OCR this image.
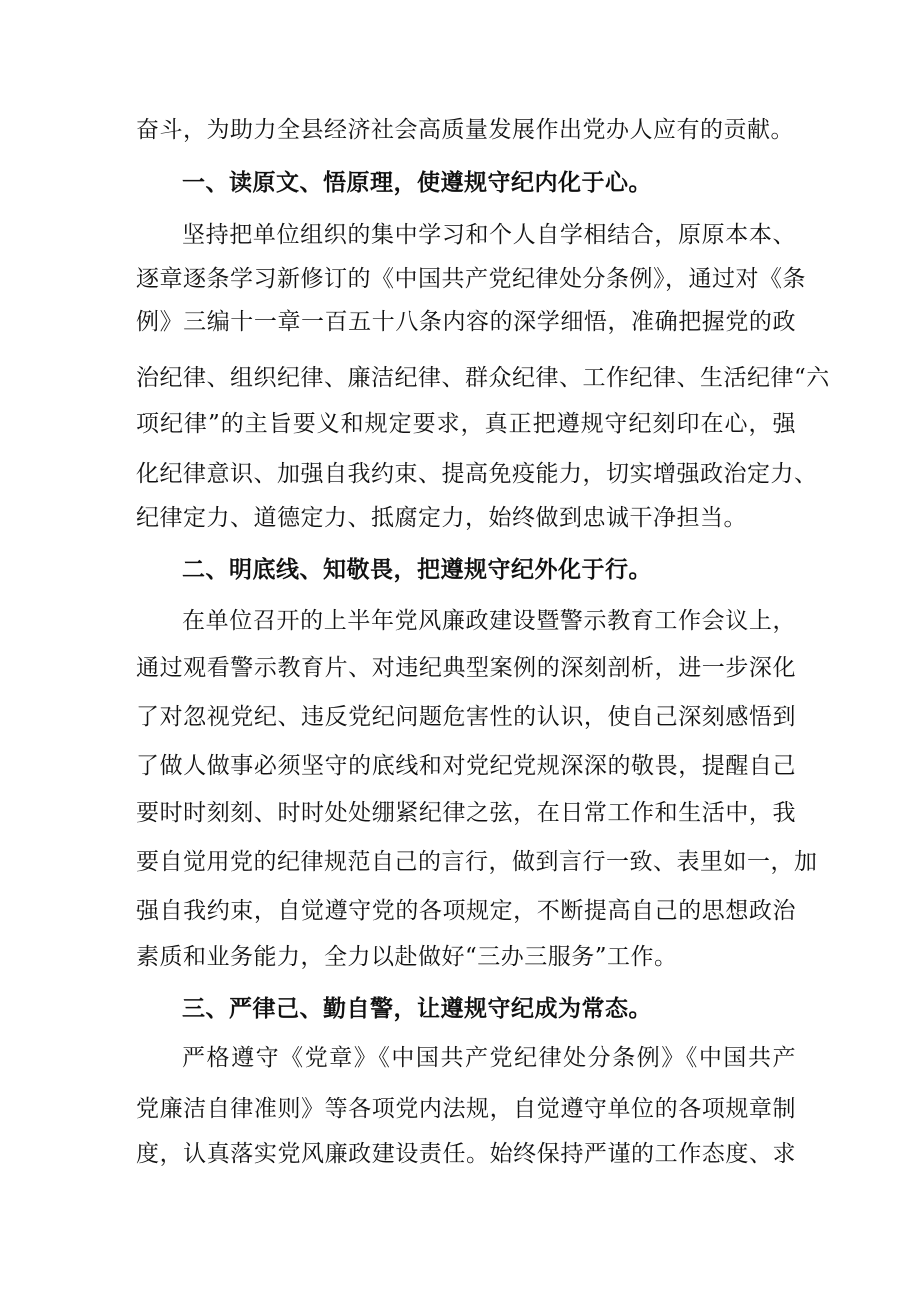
奋斗，为助力全县经济社会高质量发展作出党办人应有的贡献。
一、读原文、悟原理，使遵规守纪内化于心。
坚持把单位组织的集中学习和个人自学相结合，原原本本、
逐章逐条学习新修订的《中国共产党纪律处分条例》，通过对《条
例》三编十一章一百五十八条内容的深学细悟，准确把握党的政
治纪律、组织纪律、廉洁纪律、群众纪律、工作纪律、生活纪律“六
项纪律”的主旨要义和规定要求，真正把遵规守纪刻印在心，强
化纪律意识、加强自我约束、提高免疫能力，切实增强政治定力、
纪律定力、道德定力、抵腐定力，始终做到忠诚干净担当。
二、明底线、知敬畏，把遵规守纪外化于行。
在单位召开的上半年党风廉政建设暨警示教育工作会议上，
通过观看警示教育片、对违纪典型案例的深刻剖析，进一步深化
了对忽视党纪、违反党纪问题危害性的认识，使自己深刻感悟到
了做人做事必须坚守的底线和对党纪党规深深的敬畏，提醒自己
要时时刻刻、时时处处绷紧纪律之弦，在日常工作和生活中，我
要自觉用党的纪律规范自己的言行，做到言行一致、表里如一，加
强自我约束，自觉遵守党的各项规定，不断提高自己的思想政治
素质和业务能力，全力以赴做好“三办三服务”工作。
三、严律己、勤自警，让遵规守纪成为常态。
严格遵守《党章》《中国共产党纪律处分条例》《中国共产
党廉洁自律准则》等各项党内法规，自觉遵守单位的各项规章制
度，认真落实党风廉政建设责任。始终保持严谨的工作态度、求
